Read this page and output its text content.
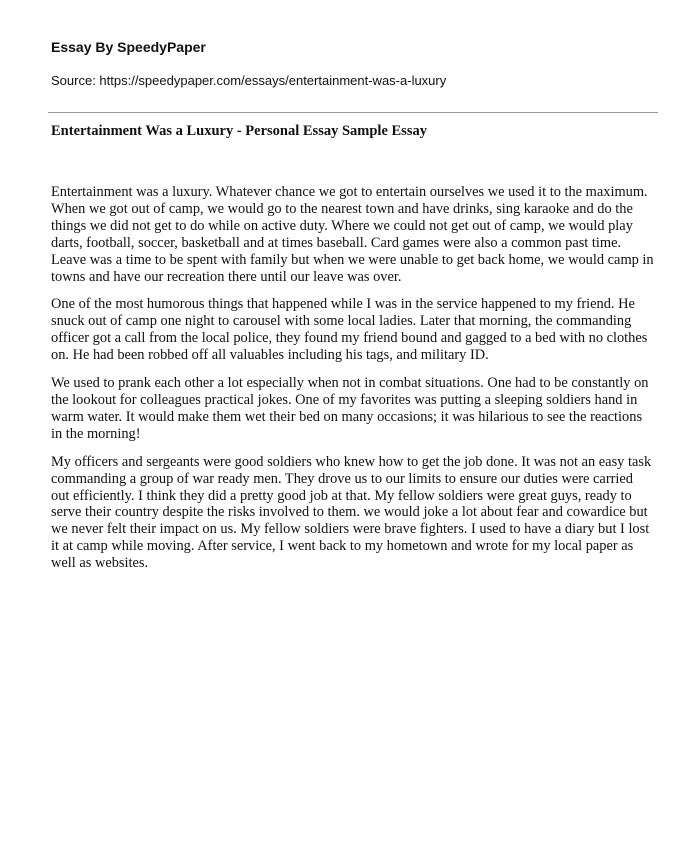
Essay By SpeedyPaper

Source: https://speedypaper.com/essays/entertainment-was-a-luxury

Entertainment Was a Luxury - Personal Essay Sample Essay

Entertainment was a luxury. Whatever chance we got to entertain ourselves we used it to the maximum. When we got out of camp, we would go to the nearest town and have drinks, sing karaoke and do the things we did not get to do while on active duty. Where we could not get out of camp, we would play darts, football, soccer, basketball and at times baseball. Card games were also a common past time. Leave was a time to be spent with family but when we were unable to get back home, we would camp in towns and have our recreation there until our leave was over.

One of the most humorous things that happened while I was in the service happened to my friend. He snuck out of camp one night to carousel with some local ladies. Later that morning, the commanding officer got a call from the local police, they found my friend bound and gagged to a bed with no clothes on. He had been robbed off all valuables including his tags, and military ID.

We used to prank each other a lot especially when not in combat situations. One had to be constantly on the lookout for colleagues practical jokes. One of my favorites was putting a sleeping soldiers hand in warm water. It would make them wet their bed on many occasions; it was hilarious to see the reactions in the morning!

My officers and sergeants were good soldiers who knew how to get the job done. It was not an easy task commanding a group of war ready men. They drove us to our limits to ensure our duties were carried out efficiently. I think they did a pretty good job at that. My fellow soldiers were great guys, ready to serve their country despite the risks involved to them. we would joke a lot about fear and cowardice but we never felt their impact on us. My fellow soldiers were brave fighters. I used to have a diary but I lost it at camp while moving. After service, I went back to my hometown and wrote for my local paper as well as websites.
